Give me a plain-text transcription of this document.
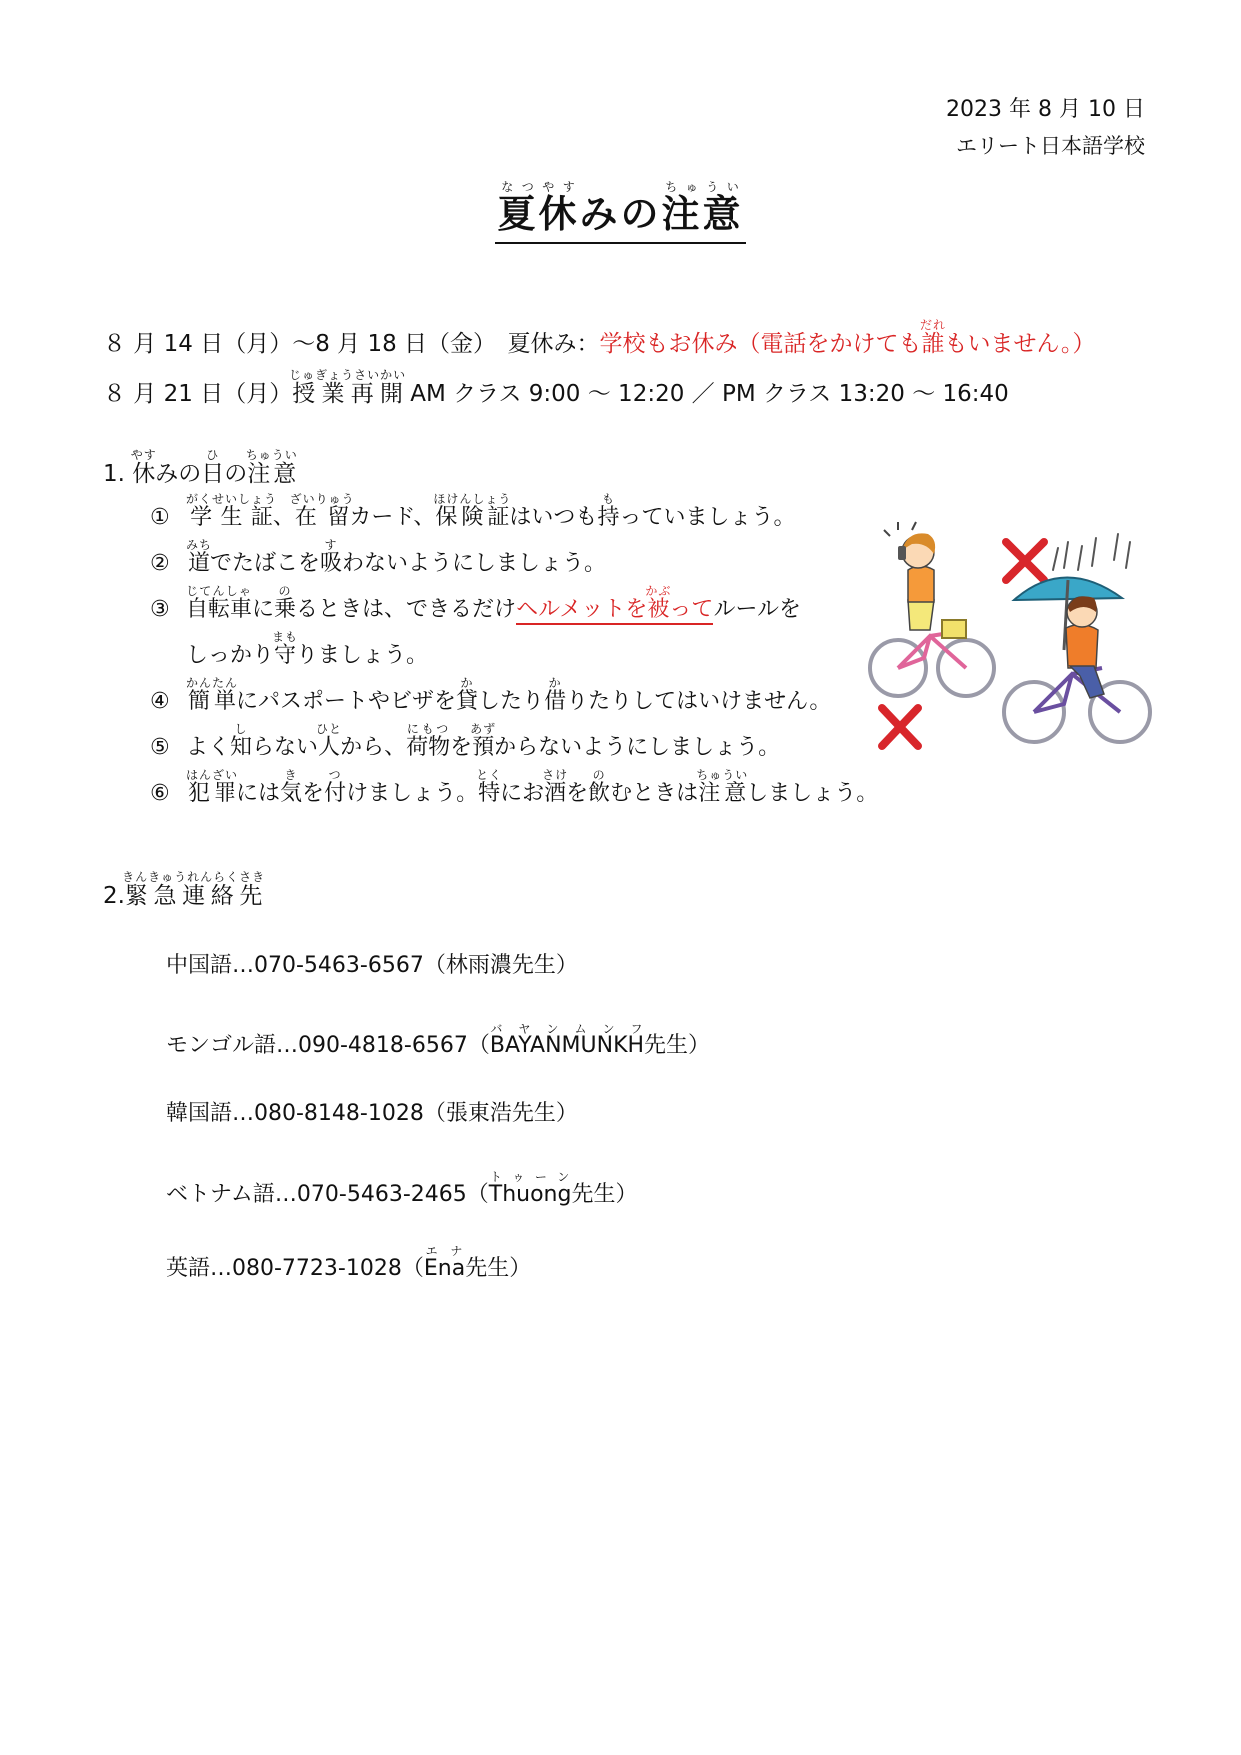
2023 年 8 月 10 日
エリート日本語学校
夏休なつやすみの注意ちゅうい
８ 月 14 日（月）～8 月 18 日（金）　夏休み：学校もお休み（電話をかけても誰だれもいません。）
８ 月 21 日（月）授業再開じゅぎょうさいかい AM クラス 9:00 ～ 12:20 ／ PM クラス 13:20 ～ 16:40
1. 休やすみの日ひの注意ちゅうい
① 学生証がくせいしょう、在留ざいりゅうカード、保険証ほけんしょうはいつも持もっていましょう。
② 道みちでたばこを吸すわないようにしましょう。
③ 自転車じてんしゃに乗のるときは、できるだけヘルメットを被かぶってルールを
しっかり守まもりましょう。
④ 簡単かんたんにパスポートやビザを貸かしたり借かりたりしてはいけません。
⑤ よく知しらない人ひとから、荷物にもつを預あずからないようにしましょう。
⑥ 犯罪はんざいには気きを付つけましょう。特とくにお酒さけを飲のむときは注意ちゅういしましょう。
2.緊急連絡先きんきゅうれんらくさき
中国語…070-5463-6567（林雨濃先生）
モンゴル語…090-4818-6567（BAYANMUNKHバ　ヤ　ン　ム　ン　フ先生）
韓国語…080-8148-1028（張東浩先生）
ベトナム語…070-5463-2465（Thuongト ゥ ー ン先生）
英語…080-7723-1028（Enaエ ナ先生）
